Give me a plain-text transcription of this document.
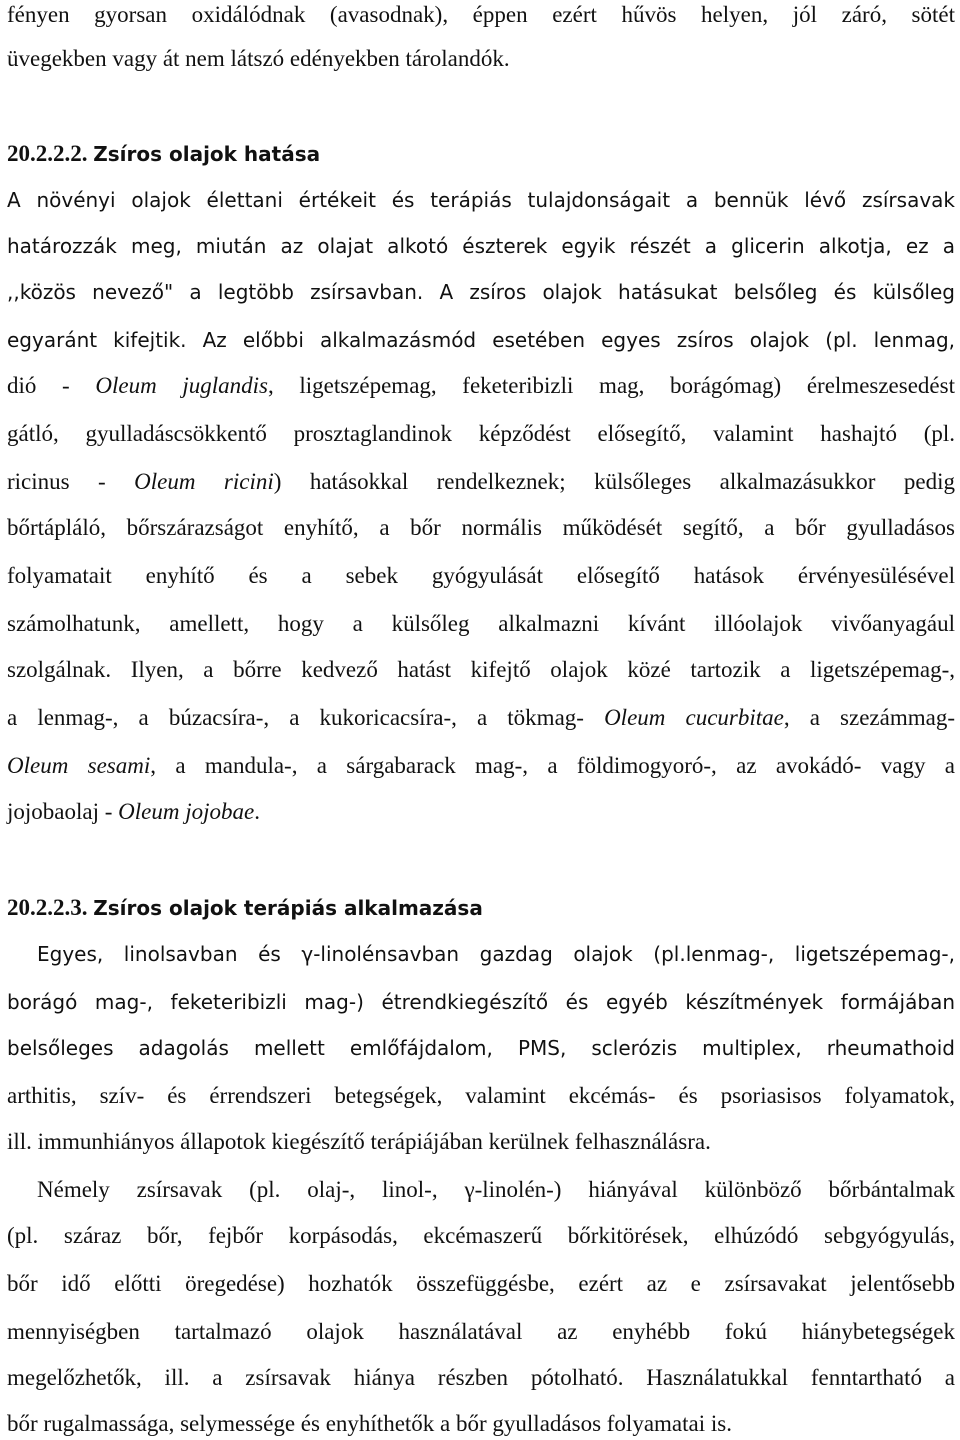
fényen gyorsan oxidálódnak (avasodnak), éppen ezért hűvös helyen, jól záró, sötét
üvegekben vagy át nem látszó edényekben tárolandók.
20.2.2.2. Zsíros olajok hatása
A növényi olajok élettani értékeit és terápiás tulajdonságait a bennük lévő zsírsavak
határozzák meg, miután az olajat alkotó észterek egyik részét a glicerin alkotja, ez a
,,közös nevező" a legtöbb zsírsavban. A zsíros olajok hatásukat belsőleg és külsőleg
egyaránt kifejtik. Az előbbi alkalmazásmód esetében egyes zsíros olajok (pl. lenmag,
dió - Oleum juglandis, ligetszépemag, feketeribizli mag, borágómag) érelmeszesedést
gátló, gyulladáscsökkentő prosztaglandinok képződést elősegítő, valamint hashajtó (pl.
ricinus - Oleum ricini) hatásokkal rendelkeznek; külsőleges alkalmazásukkor pedig
bőrtápláló, bőrszárazságot enyhítő, a bőr normális működését segítő, a bőr gyulladásos
folyamatait enyhítő és a sebek gyógyulását elősegítő hatások érvényesülésével
számolhatunk, amellett, hogy a külsőleg alkalmazni kívánt illóolajok vivőanyagául
szolgálnak. Ilyen, a bőrre kedvező hatást kifejtő olajok közé tartozik a ligetszépemag-,
a lenmag-, a búzacsíra-, a kukoricacsíra-, a tökmag- Oleum cucurbitae, a szezámmag-
Oleum sesami, a mandula-, a sárgabarack mag-, a földimogyoró-, az avokádó- vagy a
jojobaolaj - Oleum jojobae.
20.2.2.3. Zsíros olajok terápiás alkalmazása
Egyes, linolsavban és γ-linolénsavban gazdag olajok (pl.lenmag-, ligetszépemag-,
borágó mag-, feketeribizli mag-) étrendkiegészítő és egyéb készítmények formájában
belsőleges adagolás mellett emlőfájdalom, PMS, sclerózis multiplex, rheumathoid
arthitis, szív- és érrendszeri betegségek, valamint ekcémás- és psoriasisos folyamatok,
ill. immunhiányos állapotok kiegészítő terápiájában kerülnek felhasználásra.
Némely zsírsavak (pl. olaj-, linol-, γ-linolén-) hiányával különböző bőrbántalmak
(pl. száraz bőr, fejbőr korpásodás, ekcémaszerű bőrkitörések, elhúzódó sebgyógyulás,
bőr idő előtti öregedése) hozhatók összefüggésbe, ezért az e zsírsavakat jelentősebb
mennyiségben tartalmazó olajok használatával az enyhébb fokú hiánybetegségek
megelőzhetők, ill. a zsírsavak hiánya részben pótolható. Használatukkal fenntartható a
bőr rugalmassága, selymessége és enyhíthetők a bőr gyulladásos folyamatai is.
